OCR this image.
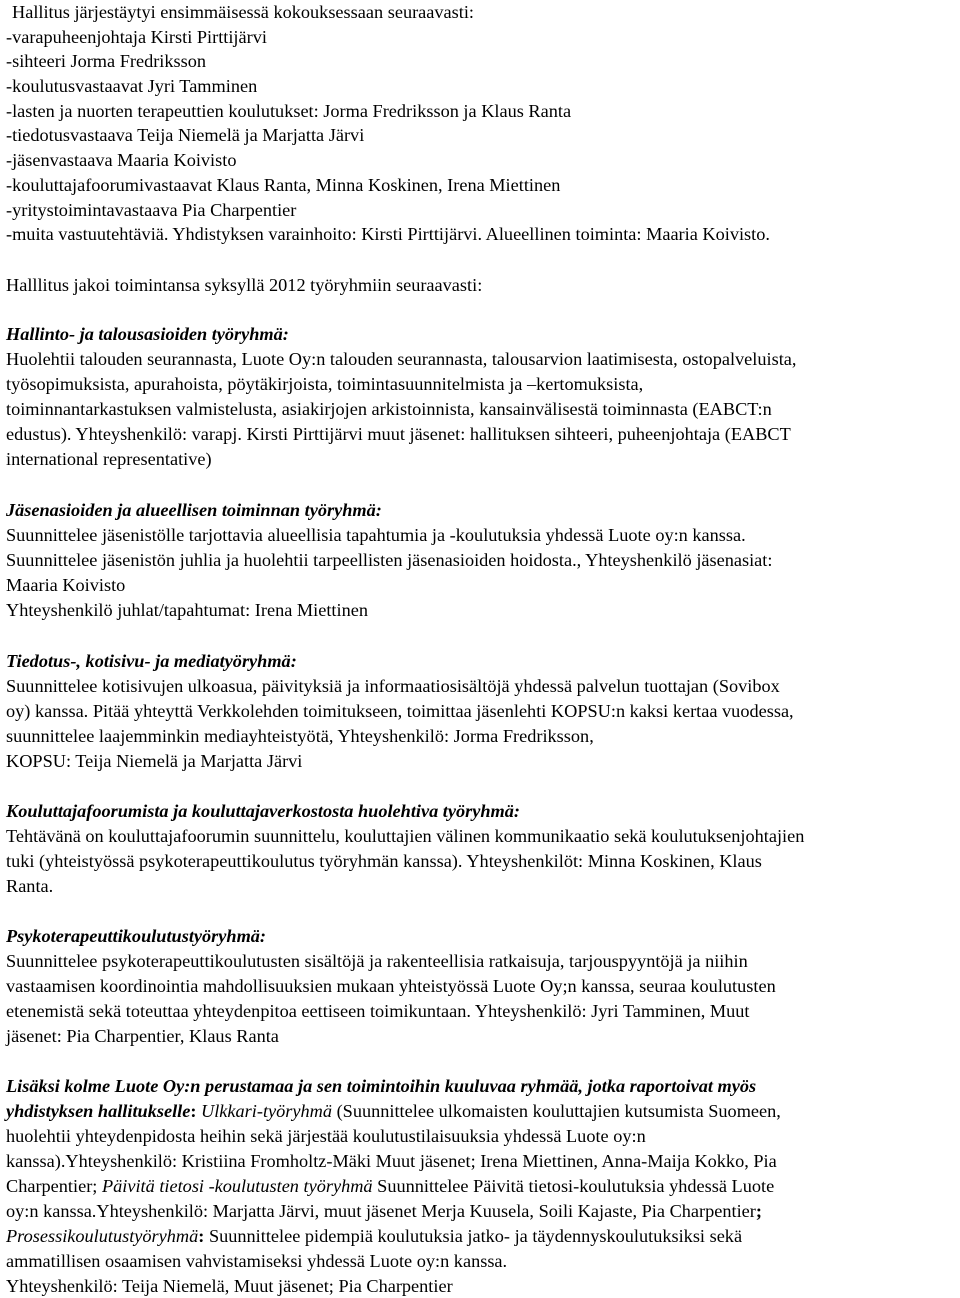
Hallitus järjestäytyi ensimmäisessä kokouksessaan seuraavasti:
-varapuheenjohtaja Kirsti Pirttijärvi
-sihteeri Jorma Fredriksson
-koulutusvastaavat Jyri Tamminen
-lasten ja nuorten terapeuttien koulutukset: Jorma Fredriksson ja Klaus Ranta
-tiedotusvastaava Teija Niemelä ja Marjatta Järvi
-jäsenvastaava Maaria Koivisto
-kouluttajafoorumivastaavat Klaus Ranta, Minna Koskinen, Irena Miettinen
-yritystoimintavastaava Pia Charpentier
-muita vastuutehtäviä. Yhdistyksen varainhoito: Kirsti Pirttijärvi. Alueellinen toiminta: Maaria Koivisto.
Halllitus jakoi toimintansa syksyllä 2012 työryhmiin seuraavasti:
Hallinto- ja talousasioiden työryhmä:
Huolehtii talouden seurannasta, Luote Oy:n talouden seurannasta, talousarvion laatimisesta, ostopalveluista,
työsopimuksista, apurahoista, pöytäkirjoista, toimintasuunnitelmista ja –kertomuksista,
toiminnantarkastuksen valmistelusta, asiakirjojen arkistoinnista, kansainvälisestä toiminnasta (EABCT:n
edustus). Yhteyshenkilö: varapj. Kirsti Pirttijärvi muut jäsenet: hallituksen sihteeri, puheenjohtaja (EABCT
international representative)
Jäsenasioiden ja alueellisen toiminnan työryhmä:
Suunnittelee jäsenistölle tarjottavia alueellisia tapahtumia ja -koulutuksia yhdessä Luote oy:n kanssa.
Suunnittelee jäsenistön juhlia ja huolehtii tarpeellisten jäsenasioiden hoidosta., Yhteyshenkilö jäsenasiat:
Maaria Koivisto
Yhteyshenkilö juhlat/tapahtumat: Irena Miettinen
Tiedotus-, kotisivu- ja mediatyöryhmä:
Suunnittelee kotisivujen ulkoasua, päivityksiä ja informaatiosisältöjä yhdessä palvelun tuottajan (Sovibox
oy) kanssa. Pitää yhteyttä Verkkolehden toimitukseen, toimittaa jäsenlehti KOPSU:n kaksi kertaa vuodessa,
suunnittelee laajemminkin mediayhteistyötä, Yhteyshenkilö: Jorma Fredriksson,
KOPSU: Teija Niemelä ja Marjatta Järvi
Kouluttajafoorumista ja kouluttajaverkostosta huolehtiva työryhmä:
Tehtävänä on kouluttajafoorumin suunnittelu, kouluttajien välinen kommunikaatio sekä koulutuksenjohtajien
tuki (yhteistyössä psykoterapeuttikoulutus työryhmän kanssa). Yhteyshenkilöt: Minna Koskinen, Klaus
Ranta.
Psykoterapeuttikoulutustyöryhmä:
Suunnittelee psykoterapeuttikoulutusten sisältöjä ja rakenteellisia ratkaisuja, tarjouspyyntöjä ja niihin
vastaamisen koordinointia mahdollisuuksien mukaan yhteistyössä Luote Oy;n kanssa, seuraa koulutusten
etenemistä sekä toteuttaa yhteydenpitoa eettiseen toimikuntaan. Yhteyshenkilö: Jyri Tamminen, Muut
jäsenet: Pia Charpentier, Klaus Ranta
Lisäksi kolme Luote Oy:n perustamaa ja sen toimintoihin kuuluvaa ryhmää, jotka raportoivat myös
yhdistyksen hallitukselle: Ulkkari-työryhmä (Suunnittelee ulkomaisten kouluttajien kutsumista Suomeen,
huolehtii yhteydenpidosta heihin sekä järjestää koulutustilaisuuksia yhdessä Luote oy:n
kanssa).Yhteyshenkilö: Kristiina Fromholtz-Mäki Muut jäsenet; Irena Miettinen, Anna-Maija Kokko, Pia
Charpentier; Päivitä tietosi -koulutusten työryhmä Suunnittelee Päivitä tietosi-koulutuksia yhdessä Luote
oy:n kanssa.Yhteyshenkilö: Marjatta Järvi, muut jäsenet Merja Kuusela, Soili Kajaste, Pia Charpentier;
Prosessikoulutustyöryhmä: Suunnittelee pidempiä koulutuksia jatko- ja täydennyskoulutuksiksi sekä
ammatillisen osaamisen vahvistamiseksi yhdessä Luote oy:n kanssa.
Yhteyshenkilö: Teija Niemelä, Muut jäsenet; Pia Charpentier
